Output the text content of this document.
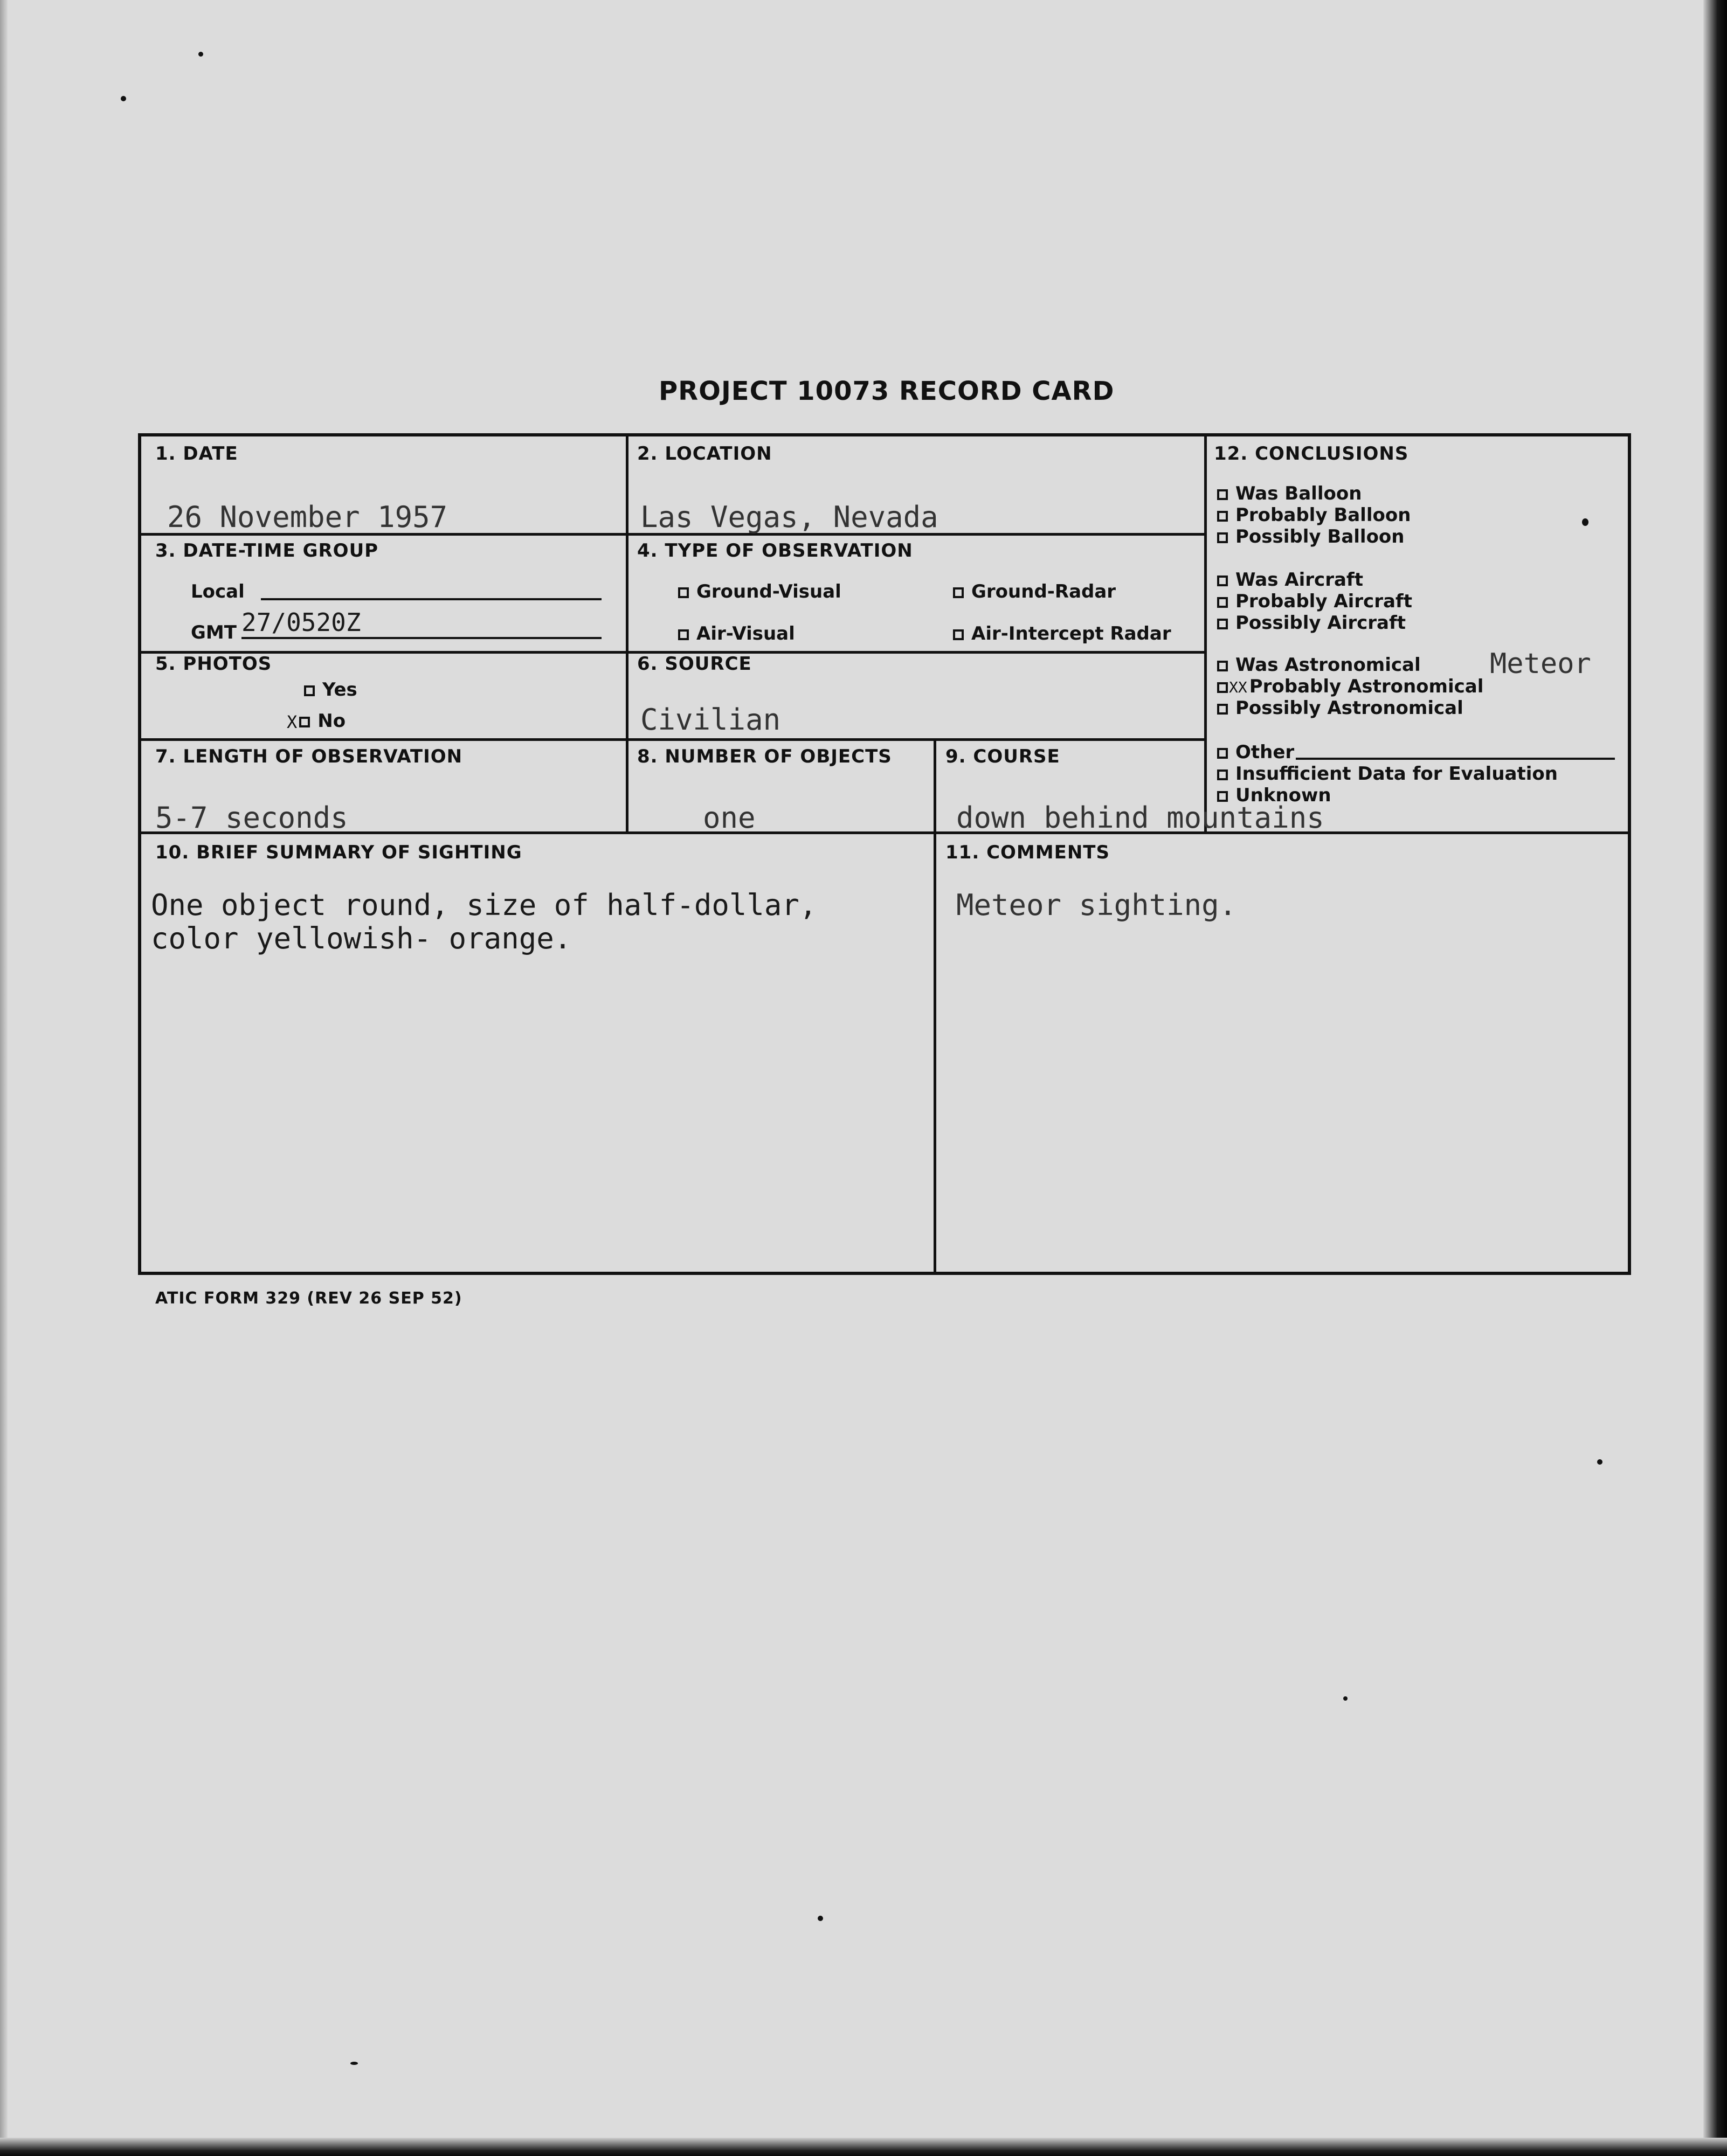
PROJECT 10073 RECORD CARD
1. DATE
26 November 1957
2. LOCATION
Las Vegas, Nevada
3. DATE-TIME GROUP
Local
GMT 27/0520Z
4. TYPE OF OBSERVATION
Ground-Visual	Ground-Radar
Air-Visual	Air-Intercept Radar
5. PHOTOS
Yes
X No
6. SOURCE
Civilian
7. LENGTH OF OBSERVATION
5-7 seconds
8. NUMBER OF OBJECTS
one
9. COURSE
down behind mountains
10. BRIEF SUMMARY OF SIGHTING
One object round, size of half-dollar,
color yellowish- orange.
11. COMMENTS
Meteor sighting.
12. CONCLUSIONS
Was Balloon
Probably Balloon
Possibly Balloon
Was Aircraft
Probably Aircraft
Possibly Aircraft
Was Astronomical Meteor
XX Probably Astronomical
Possibly Astronomical
Other
Insufficient Data for Evaluation
Unknown
ATIC FORM 329 (REV 26 SEP 52)
